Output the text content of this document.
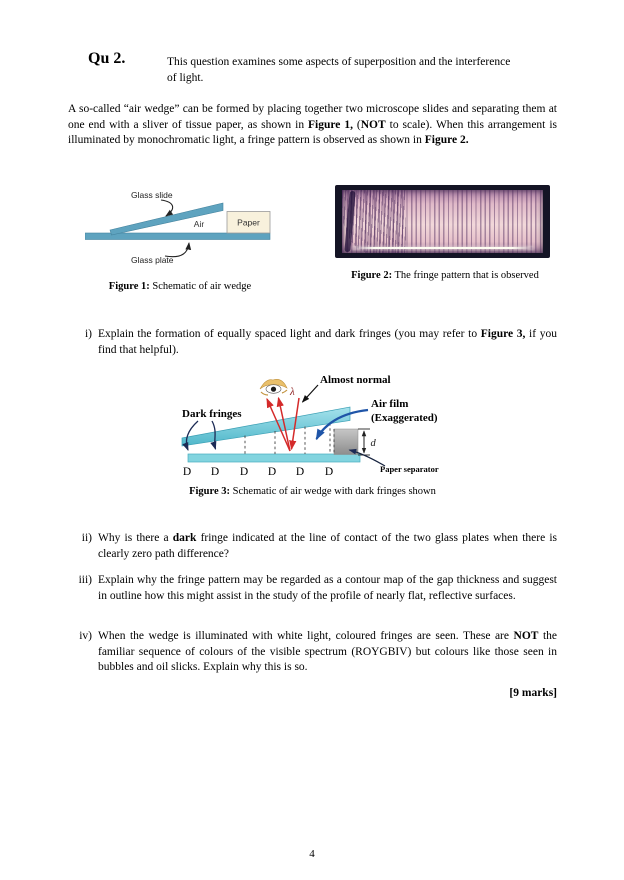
Qu 2.	This question examines some aspects of superposition and the interference
of light.
A so-called “air wedge” can be formed by placing together two microscope slides and separating them at one end with a sliver of tissue paper, as shown in Figure 1, (NOT to scale). When this arrangement is illuminated by monochromatic light, a fringe pattern is observed as shown in Figure 2.
Air	Paper
Glass slide
Glass plate
Figure 1: Schematic of air wedge
Figure 2: The fringe pattern that is observed
i) Explain the formation of equally spaced light and dark fringes (you may refer to Figure 3, if you find that helpful).
λ
Almost normal
Dark fringes
Air film
(Exaggerated)
d
Paper separator
D D D D D D
Figure 3: Schematic of air wedge with dark fringes shown
ii) Why is there a dark fringe indicated at the line of contact of the two glass plates when there is clearly zero path difference?
iii) Explain why the fringe pattern may be regarded as a contour map of the gap thickness and suggest in outline how this might assist in the study of the profile of nearly flat, reflective surfaces.
iv) When the wedge is illuminated with white light, coloured fringes are seen. These are NOT the familiar sequence of colours of the visible spectrum (ROYGBIV) but colours like those seen in bubbles and oil slicks. Explain why this is so.
[9 marks]
4
